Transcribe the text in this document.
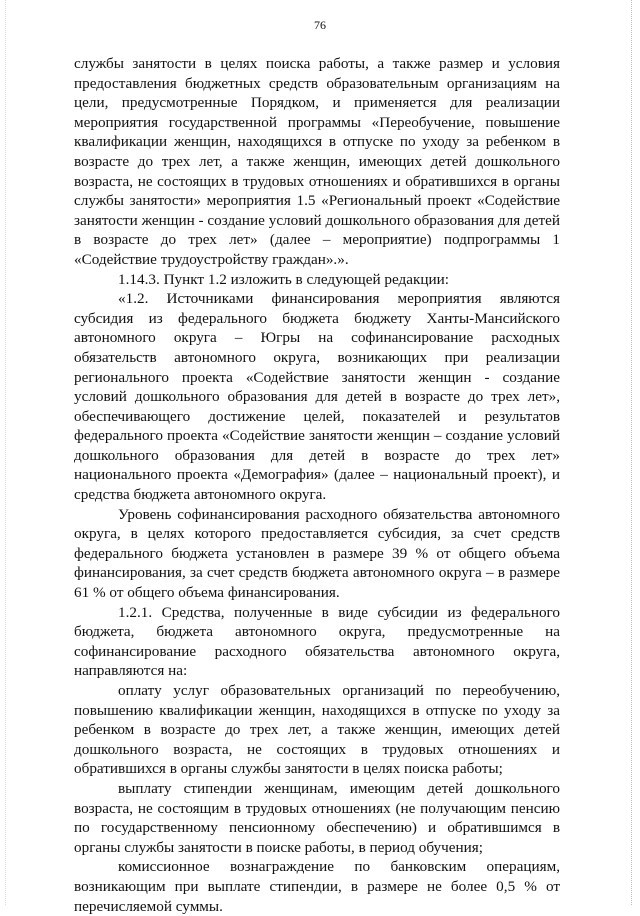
76

службы занятости в целях поиска работы, а также размер и условия предоставления бюджетных средств образовательным организациям на цели, предусмотренные Порядком, и применяется для реализации мероприятия государственной программы «Переобучение, повышение квалификации женщин, находящихся в отпуске по уходу за ребенком в возрасте до трех лет, а также женщин, имеющих детей дошкольного возраста, не состоящих в трудовых отношениях и обратившихся в органы службы занятости» мероприятия 1.5 «Региональный проект «Содействие занятости женщин - создание условий дошкольного образования для детей в возрасте до трех лет» (далее – мероприятие) подпрограммы 1 «Содействие трудоустройству граждан».».

1.14.3. Пункт 1.2 изложить в следующей редакции:

«1.2. Источниками финансирования мероприятия являются субсидия из федерального бюджета бюджету Ханты-Мансийского автономного округа – Югры на софинансирование расходных обязательств автономного округа, возникающих при реализации регионального проекта «Содействие занятости женщин - создание условий дошкольного образования для детей в возрасте до трех лет», обеспечивающего достижение целей, показателей и результатов федерального проекта «Содействие занятости женщин – создание условий дошкольного образования для детей в возрасте до трех лет» национального проекта «Демография» (далее – национальный проект), и средства бюджета автономного округа.

Уровень софинансирования расходного обязательства автономного округа, в целях которого предоставляется субсидия, за счет средств федерального бюджета установлен в размере 39 % от общего объема финансирования, за счет средств бюджета автономного округа – в размере 61 % от общего объема финансирования.

1.2.1. Средства, полученные в виде субсидии из федерального бюджета, бюджета автономного округа, предусмотренные на софинансирование расходного обязательства автономного округа, направляются на:

оплату услуг образовательных организаций по переобучению, повышению квалификации женщин, находящихся в отпуске по уходу за ребенком в возрасте до трех лет, а также женщин, имеющих детей дошкольного возраста, не состоящих в трудовых отношениях и обратившихся в органы службы занятости в целях поиска работы;

выплату стипендии женщинам, имеющим детей дошкольного возраста, не состоящим в трудовых отношениях (не получающим пенсию по государственному пенсионному обеспечению) и обратившимся в органы службы занятости в поиске работы, в период обучения;

комиссионное вознаграждение по банковским операциям, возникающим при выплате стипендии, в размере не более 0,5 % от перечисляемой суммы.
